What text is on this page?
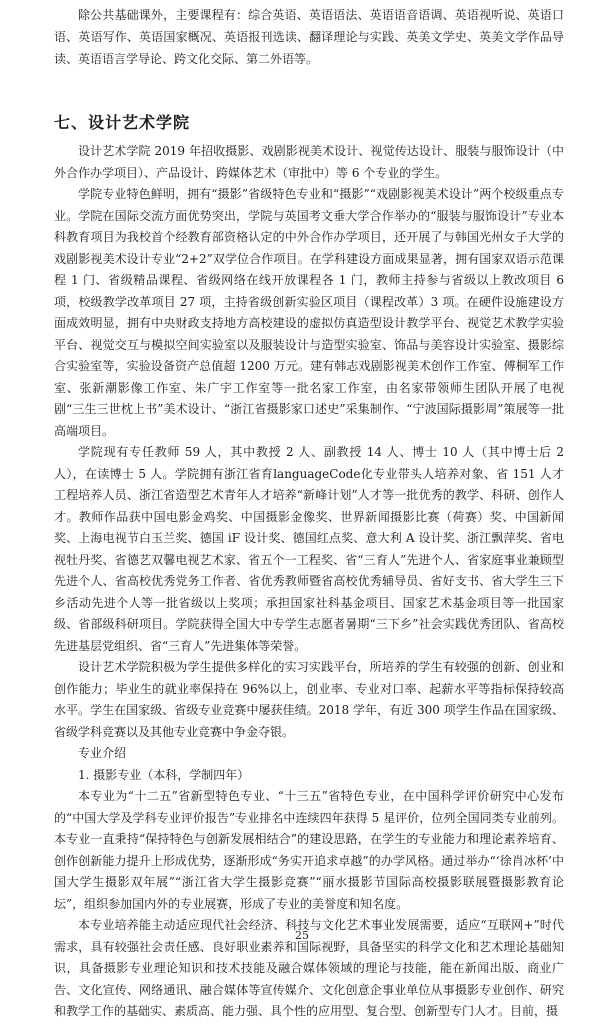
除公共基础课外，主要课程有：综合英语、英语语法、英语语音语调、英语视听说、英语口语、英语写作、英语国家概况、英语报刊选读、翻译理论与实践、英美文学史、英美文学作品导读、英语语言学导论、跨文化交际、第二外语等。

七、设计艺术学院

设计艺术学院 2019 年招收摄影、戏剧影视美术设计、视觉传达设计、服装与服饰设计（中外合作办学项目）、产品设计、跨媒体艺术（审批中）等 6 个专业的学生。

学院专业特色鲜明，拥有“摄影”省级特色专业和“摄影”“戏剧影视美术设计”两个校级重点专业。学院在国际交流方面优势突出，学院与英国考文垂大学合作举办的“服装与服饰设计”专业本科教育项目为我校首个经教育部资格认定的中外合作办学项目，还开展了与韩国光州女子大学的戏剧影视美术设计专业“2+2”双学位合作项目。在学科建设方面成果显著，拥有国家双语示范课程 1 门、省级精品课程、省级网络在线开放课程各 1 门，教师主持参与省级以上教改项目 6 项，校级教学改革项目 27 项，主持省级创新实验区项目（课程改革）3 项。在硬件设施建设方面成效明显，拥有中央财政支持地方高校建设的虚拟仿真造型设计教学平台、视觉艺术教学实验平台、视觉交互与模拟空间实验室以及服装设计与造型实验室、饰品与美容设计实验室、摄影综合实验室等，实验设备资产总值超 1200 万元。建有韩志戏剧影视美术创作工作室、傅桐军工作室、张新潮影像工作室、朱广宇工作室等一批名家工作室，由名家带领师生团队开展了电视剧“三生三世枕上书”美术设计、“浙江省摄影家口述史”采集制作、“宁波国际摄影周”策展等一批高端项目。

学院现有专任教师 59 人，其中教授 2 人、副教授 14 人、博士 10 人（其中博士后 2 人），在读博士 5 人。学院拥有浙江省育languageCode化专业带头人培养对象、省 151 人才工程培养人员、浙江省造型艺术青年人才培养“新峰计划”人才等一批优秀的教学、科研、创作人才。教师作品获中国电影金鸡奖、中国摄影金像奖、世界新闻摄影比赛（荷赛）奖、中国新闻奖、上海电视节白玉兰奖、德国 iF 设计奖、德国红点奖、意大利 A 设计奖、浙江飘萍奖、省电视牡丹奖、省德艺双馨电视艺术家、省五个一工程奖、省“三育人”先进个人、省家庭事业兼顾型先进个人、省高校优秀党务工作者、省优秀教师暨省高校优秀辅导员、省好支书、省大学生三下乡活动先进个人等一批省级以上奖项；承担国家社科基金项目、国家艺术基金项目等一批国家级、省部级科研项目。学院获得全国大中专学生志愿者暑期“三下乡”社会实践优秀团队、省高校先进基层党组织、省“三育人”先进集体等荣誉。

设计艺术学院积极为学生提供多样化的实习实践平台，所培养的学生有较强的创新、创业和创作能力；毕业生的就业率保持在 96%以上，创业率、专业对口率、起薪水平等指标保持较高水平。学生在国家级、省级专业竞赛中屡获佳绩。2018 学年，有近 300 项学生作品在国家级、省级学科竞赛以及其他专业竞赛中争金夺银。

专业介绍

1. 摄影专业（本科，学制四年）

本专业为“十二五”省新型特色专业、“十三五”省特色专业，在中国科学评价研究中心发布的“中国大学及学科专业评价报告”专业排名中连续四年获得 5 星评价，位列全国同类专业前列。本专业一直秉持“保持特色与创新发展相结合”的建设思路，在学生的专业能力和理论素养培育、创作创新能力提升上形成优势，逐渐形成“务实开追求卓越”的办学风格。通过举办“‘徐肖冰杯’中国大学生摄影双年展”“浙江省大学生摄影竞赛”“丽水摄影节国际高校摄影联展暨摄影教育论坛”，组织参加国内外的专业展赛，形成了专业的美誉度和知名度。

本专业培养能主动适应现代社会经济、科技与文化艺术事业发展需要，适应“互联网+”时代需求，具有较强社会责任感、良好职业素养和国际视野，具备坚实的科学文化和艺术理论基础知识，具备摄影专业理论知识和技术技能及融合媒体领域的理论与技能，能在新闻出版、商业广告、文化宣传、网络通讯、融合媒体等宣传媒介、文化创意企事业单位从事摄影专业创作、研究和教学工作的基础实、素质高、能力强、具个性的应用型、复合型、创新型专门人才。目前，摄

25
